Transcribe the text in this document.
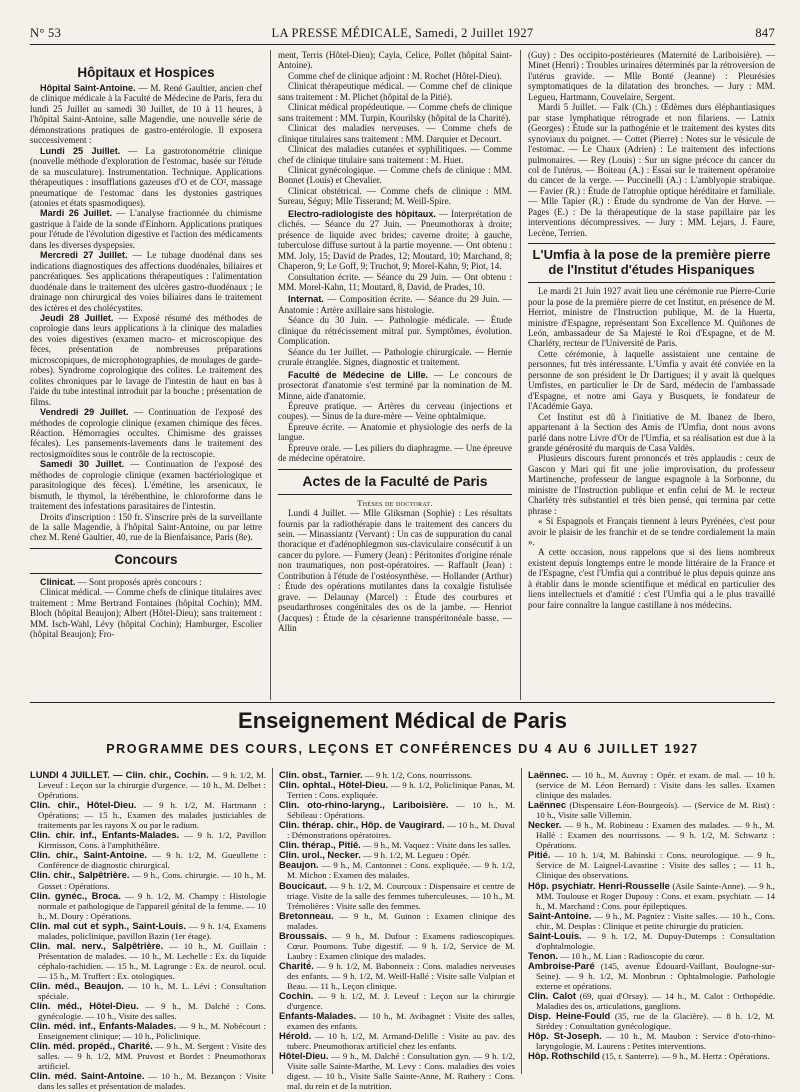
N° 53	LA PRESSE MÉDICALE, Samedi, 2 Juillet 1927	847
Hôpitaux et Hospices

Hôpital Saint-Antoine. — M. René Gaultier, ancien chef de clinique médicale à la Faculté de Médecine de Paris, fera du lundi 25 Juillet au samedi 30 Juillet, de 10 à 11 heures, à l'hôpital Saint-Antoine, salle Magendie, une nouvelle série de démonstrations pratiques de gastro-entérologie. Il exposera successivement :

Lundi 25 Juillet. — La gastrotonométrie clinique (nouvelle méthode d'exploration de l'estomac, basée sur l'étude de sa musculature). Instrumentation. Technique. Applications thérapeutiques : insufflations gazeuses d'O et de CO², massage pneumatique de l'estomac dans les dystonies gastriques (atonies et états spasmodiques).

Mardi 26 Juillet. — L'analyse fractionnée du chimisme gastrique à l'aide de la sonde d'Einhorn. Applications pratiques pour l'étude de l'évolution digestive et l'action des médicaments dans les diverses dyspepsies.

Mercredi 27 Juillet. — Le tubage duodénal dans ses indications diagnostiques des affections duodénales, biliaires et pancréatiques. Ses applications thérapeutiques : l'alimentation duodénale dans le traitement des ulcères gastro-duodénaux ; le drainage non chirurgical des voies biliaires dans le traitement des ictères et des cholécystites.

Jeudi 28 Juillet. — Exposé résumé des méthodes de coprologie dans leurs applications à la clinique des maladies des voies digestives (examen macro- et microscopique des fèces, présentation de nombreuses préparations microscopiques, de microphotographies, de moulages de garde-robes). Syndrome coprologique des colites. Le traitement des colites chroniques par le lavage de l'intestin de haut en bas à l'aide du tube intestinal introduit par la bouche ; présentation de films.

Vendredi 29 Juillet. — Continuation de l'exposé des méthodes de coprologie clinique (examen chimique des fèces. Réaction. Hémorragies occultes. Chimisme des graisses fécales). Les pansements-lavements dans le traitement des rectosigmoïdites sous le contrôle de la rectoscopie.

Samedi 30 Juillet. — Continuation de l'exposé des méthodes de coprologie clinique (examen bactériologique et parasitologique des fèces). L'émétine, les arsenicaux, le bismuth, le thymol, la térébenthine, le chloroforme dans le traitement des infestations parasitaires de l'intestin.

Droits d'inscription : 150 fr. S'inscrire près de la surveillante de la salle Magendie, à l'hôpital Saint-Antoine, ou par lettre chez M. René Gaultier, 40, rue de la Bienfaisance, Paris (8e).

Concours

Clinicat. — Sont proposés après concours :

Clinicat médical. — Comme chefs de clinique titulaires avec traitement : Mme Bertrand Fontaines (hôpital Cochin); MM. Bloch (hôpital Beaujon); Albert (Hôtel-Dieu); sans traitement : MM. Isch-Wahl, Lévy (hôpital Cochin); Hamburger, Escolier (hôpital Beaujon); Fro-

ment, Terris (Hôtel-Dieu); Cayla, Celice, Pollet (hôpital Saint-Antoine).

Comme chef de clinique adjoint : M. Rochet (Hôtel-Dieu).

Clinicat thérapeutique médical. — Comme chef de clinique sans traitement : M. Plichet (hôpital de la Pitié).

Clinicat médical propédeutique. — Comme chefs de clinique sans traitement : MM. Turpin, Kourilsky (hôpital de la Charité).

Clinicat des maladies nerveuses. — Comme chefs de clinique titulaires sans traitement : MM. Darquier et Decourt.

Clinicat des maladies cutanées et syphilitiques. — Comme chef de clinique titulaire sans traitement : M. Huet.

Clinicat gynécologique. — Comme chefs de clinique : MM. Bonnet (Louis) et Chevalier.

Clinicat obstétrical. — Comme chefs de clinique : MM. Sureau, Séguy; Mlle Tisserand; M. Weill-Spire.

Electro-radiologiste des hôpitaux. — Interprétation de clichés. — Séance du 27 Juin. — Pneumothorax à droite; présence de liquide avec brides; caverne droite; à gauche, tuberculose diffuse surtout à la partie moyenne. — Ont obtenu : MM. Joly, 15; David de Prades, 12; Moutard, 10; Marchand, 8; Chaperon, 9; Le Goff, 9; Truchot, 9; Morel-Kahn, 9; Piot, 14.

Consultation écrite. — Séance du 29 Juin. — Ont obtenu : MM. Morel-Kahn, 11; Moutard, 8, David, de Prades, 10.

Internat. — Composition écrite. — Séance du 29 Juin. — Anatomie : Artère axillaire sans histologie.

Séance du 30 Juin. — Pathologie médicale. — Étude clinique du rétrécissement mitral pur. Symptômes, évolution. Complication.

Séance du 1er Juillet. — Pathologie chirurgicale. — Hernie crurale étranglée. Signes, diagnostic et traitement.

Faculté de Médecine de Lille. — Le concours de prosectorat d'anatomie s'est terminé par la nomination de M. Minne, aide d'anatomie.

Épreuve pratique. — Artères du cerveau (injections et coupes). — Sinus de la dure-mère — Veine ophtalmique.

Épreuve écrite. — Anatomie et physiologie des nerfs de la langue.

Épreuve orale. — Les piliers du diaphragme. — Une épreuve de médecine opératoire.

Actes de la Faculté de Paris
Thèses de doctorat.

Lundi 4 Juillet. — Mlle Gliksman (Sophie) : Les résultats fournis par la radiothérapie dans le traitement des cancers du sein. — Minassiantz (Vervant) : Un cas de suppuration du canal thoracique et d'adénophlegmon sus-claviculaire consécutif à un cancer du pylore. — Fumery (Jean) : Péritonites d'origine rénale non traumatiques, non post-opératoires. — Raffault (Jean) : Contribution à l'étude de l'ostéosynthèse. — Hollander (Arthur) : Étude des opérations mutilantes dans la coxalgie fistulisée grave. — Delaunay (Marcel) : Étude des courbures et pseudarthroses congénitales des os de la jambe. — Henriot (Jacques) : Étude de la césarienne transpéritonéale basse. — Allin

(Guy) : Des occipito-postérieures (Maternité de Lariboisière). — Minet (Henri) : Troubles urinaires déterminés par la rétroversion de l'utérus gravide. — Mlle Bonté (Jeanne) : Pleurésies symptomatiques de la dilatation des bronches. — Jury : MM. Legueu, Hartmann, Couvelaire, Sergent.

Mardi 5 Juillet. — Falk (Ch.) : Œdèmes durs éléphantiasiques par stase lymphatique rétrograde et non filariens. — Latnix (Georges) : Étude sur la pathogénie et le traitement des kystes dits synoviaux du poignet. — Cottet (Pierre) : Notes sur le vésicule de l'estomac. — Le Chaux (Adrien) : Le traitement des infections pulmonaires. — Rey (Louis) : Sur un signe précoce du cancer du col de l'utérus. — Boiteau (A.) : Essai sur le traitement opératoire du cancer de la verge. — Puccinelli (A.) : L'amblyopie strabique. — Favier (R.) : Étude de l'atrophie optique héréditaire et familiale. — Mlle Tapier (R.) : Étude du syndrome de Van der Hœve. — Pages (E.) : De la thérapeutique de la stase papillaire par les interventions décompressives. — Jury : MM. Lejars, J. Faure, Lecène, Terrien.

L'Umfia à la pose de la première pierre de l'Institut d'études Hispaniques

Le mardi 21 Juin 1927 avait lieu une cérémonie rue Pierre-Curie pour la pose de la première pierre de cet Institut, en présence de M. Herriot, ministre de l'Instruction publique, M. de la Huerta, ministre d'Espagne, représentant Son Excellence M. Quiñones de León, ambassadeur de Sa Majesté le Roi d'Espagne, et de M. Charléty, recteur de l'Université de Paris.

Cette cérémonie, à laquelle assistaient une centaine de personnes, fut très intéressante. L'Umfia y avait été conviée en la personne de son président le Dr Dartigues; il y avait là quelques Umfistes, en particulier le Dr de Sard, médecin de l'ambassade d'Espagne, et notre ami Gaya y Busquets, le fondateur de l'Académie Gaya.

Cet Institut est dû à l'initiative de M. Ibanez de Ibero, appartenant à la Section des Amis de l'Umfia, dont nous avons parlé dans notre Livre d'Or de l'Umfia, et sa réalisation est due à la grande générosité du marquis de Casa Valdès.

Plusieurs discours furent prononcés et très applaudis : ceux de Gascon y Mari qui fit une jolie improvisation, du professeur Martinenche, professeur de langue espagnole à la Sorbonne, du ministre de l'Instruction publique et enfin celui de M. le recteur Charléty très substantiel et très bien pensé, qui termina par cette phrase :

« Si Espagnols et Français tiennent à leurs Pyrénées, c'est pour avoir le plaisir de les franchir et de se tendre cordialement la main ».

A cette occasion, nous rappelons que si des liens nombreux existent depuis longtemps entre le monde littéraire de la France et de l'Espagne, c'est l'Umfia qui a contribué le plus depuis quinze ans à établir dans le monde scientifique et médical en particulier des liens intellectuels et d'amitié : c'est l'Umfia qui a le plus travaillé pour faire connaître la langue castillane à nos médecins.

Enseignement Médical de Paris
PROGRAMME DES COURS, LEÇONS ET CONFÉRENCES DU 4 AU 6 JUILLET 1927

LUNDI 4 JUILLET. — Clin. chir., Cochin. — 9 h. 1/2, M. Leveuf : Leçon sur la chirurgie d'urgence. — 10 h., M. Delbet : Opérations.

Clin. chir., Hôtel-Dieu. — 9 h. 1/2, M. Hartmann : Opérations; — 15 h., Examen des malades justiciables de traitements par les rayons X ou par le radium.

Clin. chir. inf., Enfants-Malades. — 9 h. 1/2, Pavillon Kirmisson, Cons. à l'amphithéâtre.

Clin. chir., Saint-Antoine. — 9 h. 1/2, M. Gueullette : Conférence de diagnostic chirurgical.

Clin. chir., Salpêtrière. — 9 h., Cons. chirurgie. — 10 h., M. Gosset : Opérations.

Clin. gynéc., Broca. — 9 h. 1/2, M. Champy : Histologie normale et pathologique de l'appareil génital de la femme. — 10 h., M. Doury : Opérations.

Clin. mal cut et syph., Saint-Louis. — 9 h. 1/4, Examens malades, policlinique, pavillon Bazin (1er étage).

Clin. mal. nerv., Salpêtrière. — 10 h., M. Guillain : Présentation de malades. — 10 h., M. Lechelle : Ex. du liquide céphalo-rachidien. — 15 h., M. Lagrange : Ex. de neurol. ocul. — 15 h., M. Truffert : Ex. otologiques.

Clin. méd., Beaujon. — 10 h., M. L. Lévi : Consultation spéciale.

Clin. méd., Hôtel-Dieu. — 9 h., M. Dalché : Cons. gynécologie. — 10 h., Visite des salles.

Clin. méd. inf., Enfants-Malades. — 9 h., M. Nobécourt : Enseignement clinique; — 10 h., Policlinique.

Clin. méd. propéd., Charité. — 9 h., M. Sergent : Visite des salles. — 9 h. 1/2, MM. Pruvost et Bordet : Pneumothorax artificiel.

Clin. méd. Saint-Antoine. — 10 h., M. Bezançon : Visite dans les salles et présentation de malades.

Clin. obst., Tarnier. — 9 h. 1/2, Cons. nourrissons.

Clin. ophtal., Hôtel-Dieu. — 9 h. 1/2, Policlinique Panas, M. Terrien : Cons. expliquée.

Clin. oto-rhino-laryng., Lariboisière. — 10 h., M. Sébileau : Opérations.

Clin. thérap. chir., Hôp. de Vaugirard. — 10 h., M. Duval : Démonstrations opératoires.

Clin. thérap., Pitié. — 9 h., M. Vaquez : Visite dans les salles.

Clin. urol., Necker. — 9 h. 1/2, M. Legueu : Opér.

Beaujon. — 9 h., M. Cantonnet : Cons. expliquée. — 9 h. 1/2, M. Michon : Examen des malades.

Boucicaut. — 9 h. 1/2, M. Courcoux : Dispensaire et centre de triage. Visite de la salle des femmes tuberculeuses. — 10 h., M. Trémolières : Visite salle des femmes.

Bretonneau. — 9 h., M. Guinon : Examen clinique des malades.

Broussais. — 9 h., M. Dufour : Examens radioscopiques. Cœur. Poumons. Tube digestif. — 9 h. 1/2, Service de M. Laubry : Examen clinique des malades.

Charité. — 9 h. 1/2, M. Babonneix : Cons. maladies nerveuses des enfants. — 9 h. 1/2, M. Weill-Hallé : Visite salle Vulpian et Beau. — 11 h., Leçon clinique.

Cochin. — 9 h. 1/2, M. J. Leveuf : Leçon sur la chirurgie d'urgence.

Enfants-Malades. — 10 h., M. Avibagnet : Visite des salles, examen des enfants.

Hérold. — 10 h. 1/2, M. Armand-Delille : Visite au pav. des tuberc. Pneumothorax artificiel chez les enfants.

Hôtel-Dieu. — 9 h., M. Dalché : Consultation gyn. — 9 h. 1/2, Visite salle Sainte-Marthe, M. Levy : Cons. maladies des voies digest. — 10 h., Visite Salle Sainte-Anne, M. Rathery : Cons. mal. du rein et de la nutrition.

Laënnec. — 10 h., M. Auvray : Opér. et exam. de mal. — 10 h. (service de M. Léon Bernard) : Visite dans les salles. Examen clinique des malades.

Laënnec (Dispensaire Léon-Bourgeois). — (Service de M. Rist) : 10 h., Visite salle Villemin.

Necker. — 9 h., M. Robineau : Examen des malades. — 9 h., M. Hallé : Examen des nourrissons. — 9 h. 1/2, M. Schwartz : Opérations.

Pitié. — 10 h. 1/4, M. Babinski : Cons. neurologique. — 9 h., Service de M. Laignel-Lavastine : Visite des salles ; — 11 h., Clinique des observations.

Hôp. psychiatr. Henri-Rousselle (Asile Sainte-Anne). — 9 h., MM. Toulouse et Roger Dupouy : Cons. et exam. psychiatr. — 14 h., M. Marchand : Cons. pour épileptiques.

Saint-Antoine. — 9 h., M. Pagniez : Visite salles. — 10 h., Cons. chir., M. Desplas : Clinique et petite chirurgie du praticien.

Saint-Louis. — 9 h. 1/2, M. Dupuy-Dutemps : Consultation d'ophtalmologie.

Tenon. — 10 h., M. Lian : Radioscopie du cœur.

Ambroise-Paré (145, avenue Édouard-Vaillant, Boulogne-sur-Seine). — 9 h. 1/2, M. Monbrun : Ophtalmologie. Pathologie externe et opérations.

Clin. Calot (69, quai d'Orsay). — 14 h., M. Calot : Orthopédie. Maladies des os, articulations, ganglions.

Disp. Heine-Fould (35, rue de la Glacière). — 8 h. 1/2, M. Sirédey : Consultation gynécologique.

Hôp. St-Joseph. — 10 h., M. Maubon : Service d'oto-rhino-laryngologie, M. Laurens : Petites interventions.

Hôp. Rothschild (15, r. Santerre). — 9 h., M. Hertz : Opérations.
